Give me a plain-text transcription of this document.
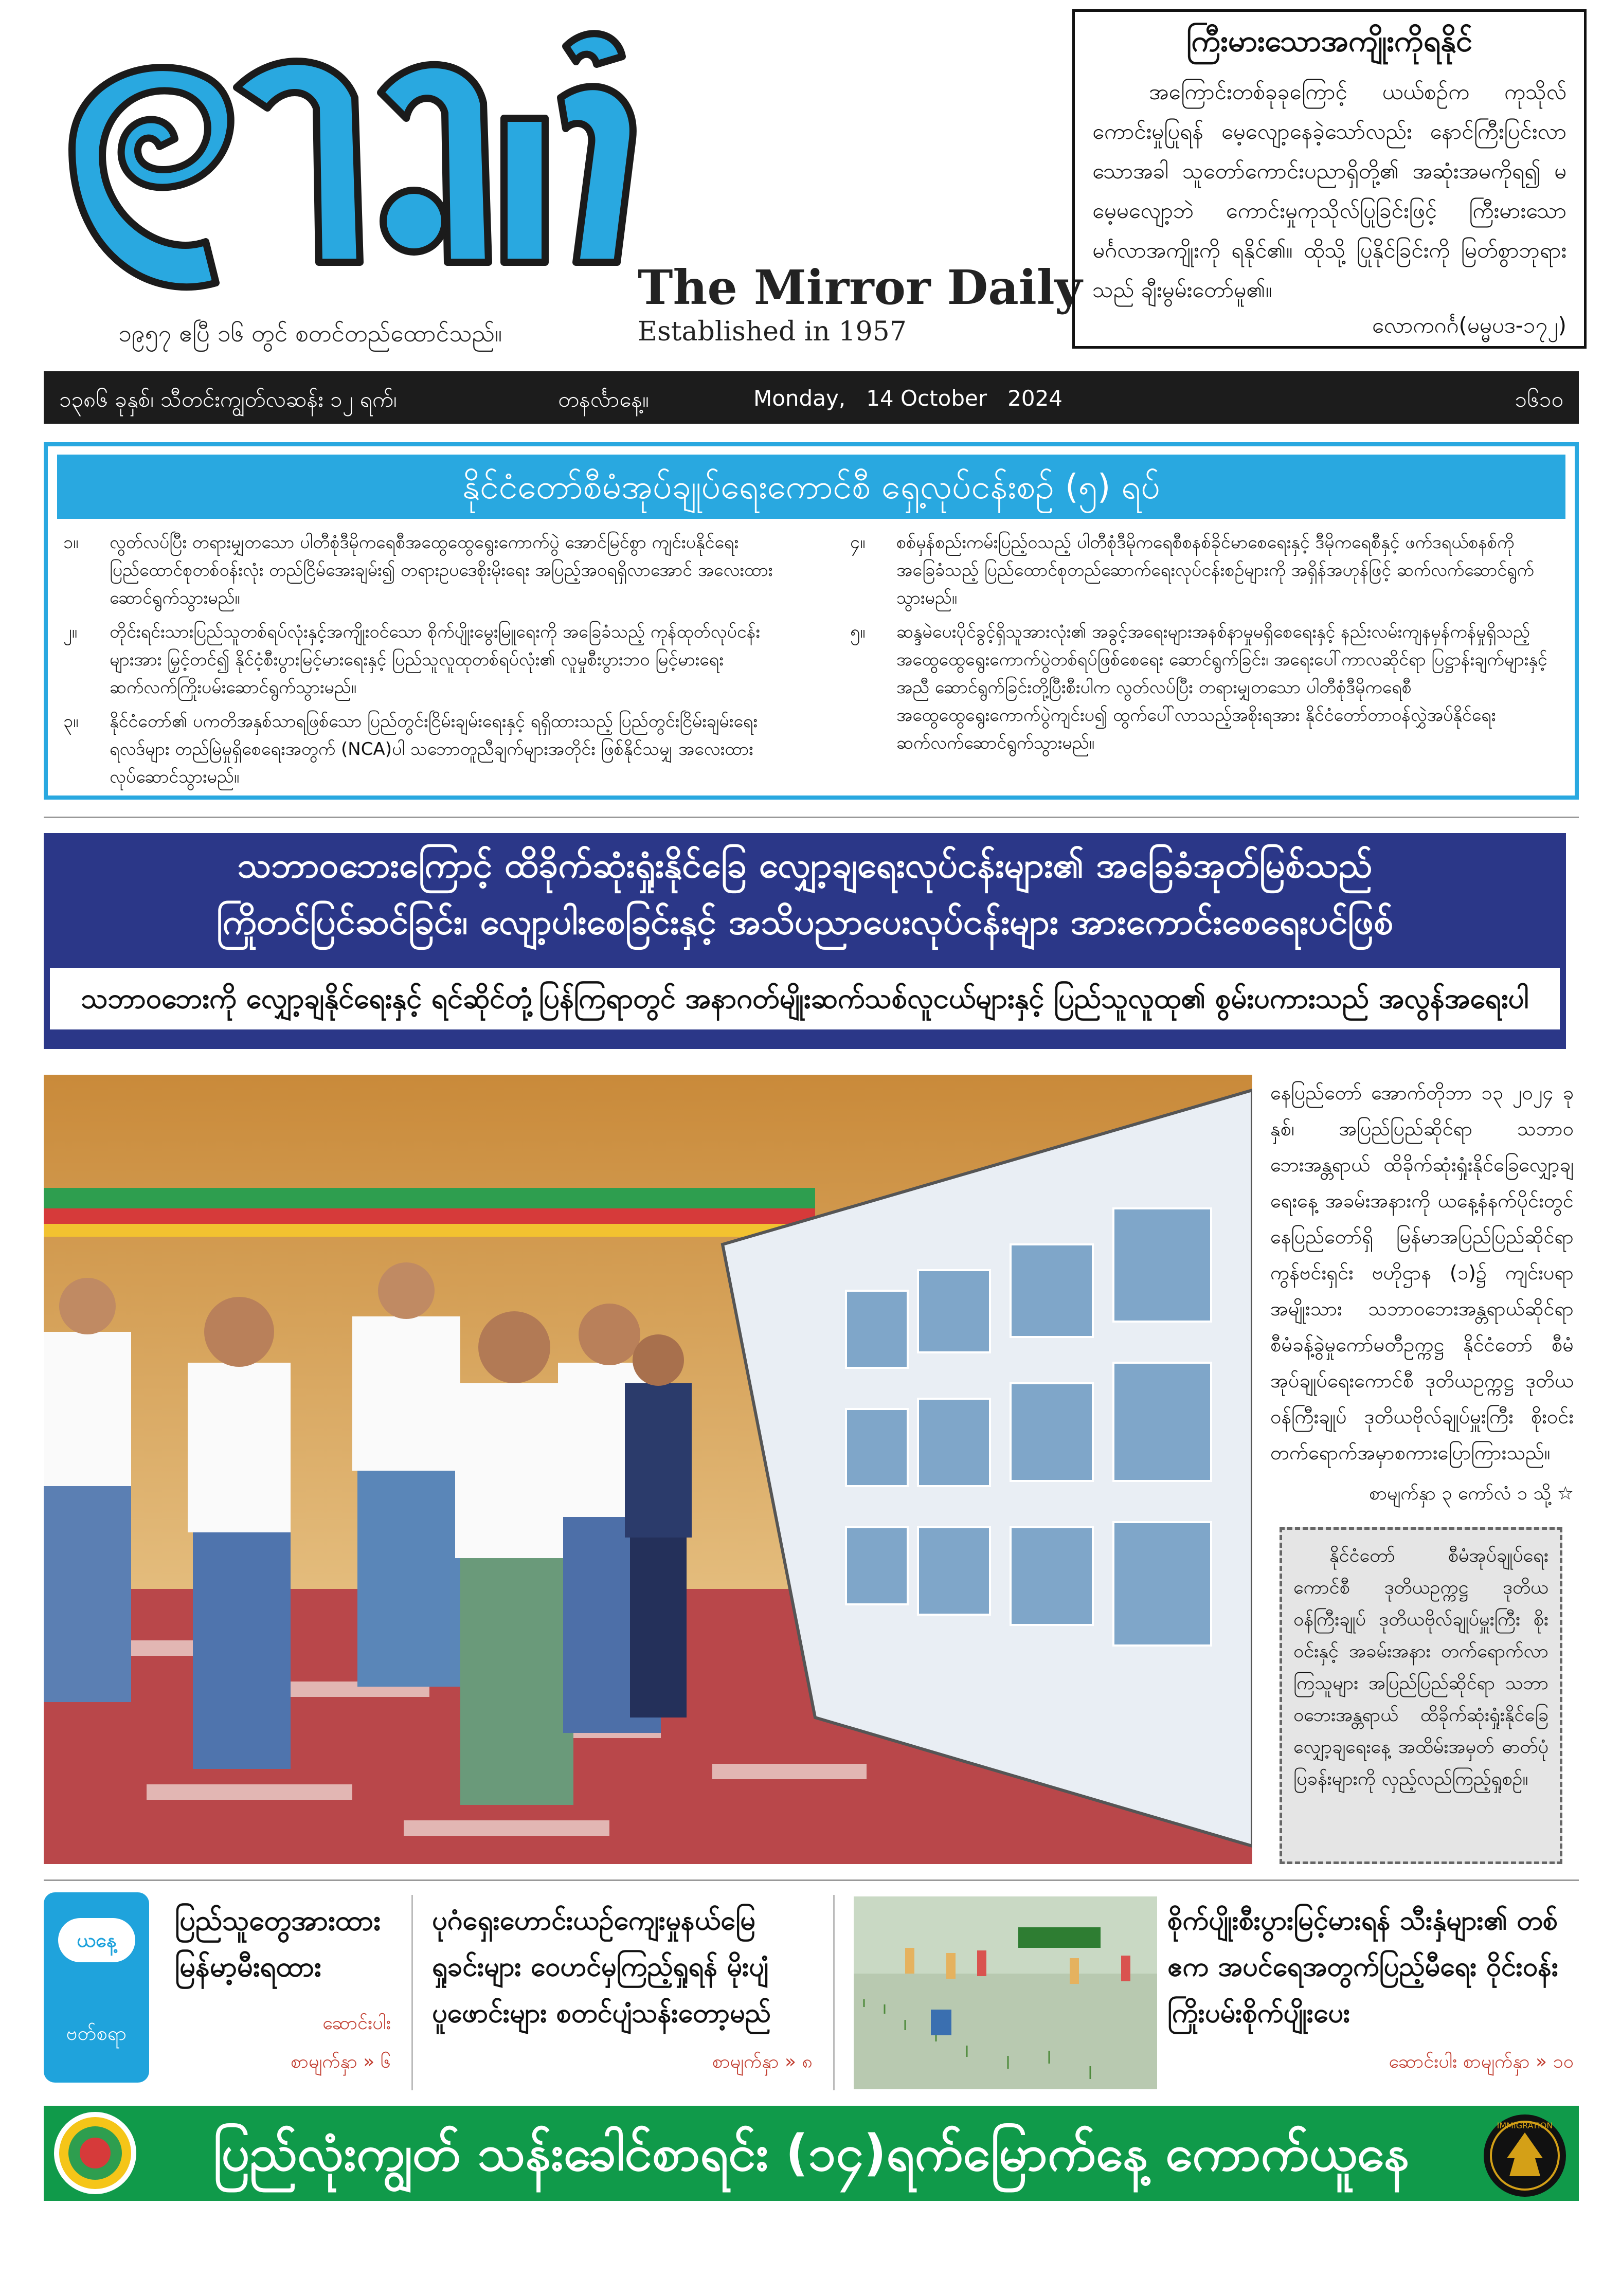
The Mirror Daily
Established in 1957
၁၉၅၇ ဧပြီ ၁၆ တွင် စတင်တည်ထောင်သည်။
ကြီးမားသောအကျိုးကိုရနိုင်
အကြောင်းတစ်ခုခုကြောင့် ယယ်စဉ်က ကုသိုလ်ကောင်းမှုပြုရန် မေ့လျော့နေခဲ့သော်လည်း နောင်ကြီးပြင်းလာသောအခါ သူတော်ကောင်းပညာရှိတို့၏ အဆုံးအမကိုရ၍ မမေ့မလျော့ဘဲ ကောင်းမှုကုသိုလ်ပြုခြင်းဖြင့် ကြီးမားသော မင်္ဂလာအကျိုးကို ရနိုင်၏။ ထိုသို့ ပြုနိုင်ခြင်းကို မြတ်စွာဘုရားသည် ချီးမွမ်းတော်မူ၏။
လောကဂင်္ဂ(မမ္မပဒ-၁၇၂)
၁၃၈၆ ခုနှစ်၊ သီတင်းကျွတ်လဆန်း ၁၂ ရက်၊	တနင်္လာနေ့။	Monday,   14 October   2024	၁၆၁၀
နိုင်ငံတော်စီမံအုပ်ချုပ်ရေးကောင်စီ ရှေ့လုပ်ငန်းစဉ် (၅) ရပ်
၁။ လွတ်လပ်ပြီး တရားမျှတသော ပါတီစုံဒီမိုကရေစီအထွေထွေရွေးကောက်ပွဲ အောင်မြင်စွာ ကျင်းပနိုင်ရေး ပြည်ထောင်စုတစ်ဝန်းလုံး တည်ငြိမ်အေးချမ်း၍ တရားဥပဒေစိုးမိုးရေး အပြည့်အဝရရှိလာအောင် အလေးထားဆောင်ရွက်သွားမည်။
၂။ တိုင်းရင်းသားပြည်သူတစ်ရပ်လုံးနှင့်အကျိုးဝင်သော စိုက်ပျိုးမွေးမြူရေးကို အခြေခံသည့် ကုန်ထုတ်လုပ်ငန်းများအား မြှင့်တင်၍ နိုင်ငံ့စီးပွားမြင့်မားရေးနှင့် ပြည်သူလူထုတစ်ရပ်လုံး၏ လူမှုစီးပွားဘဝ မြင့်မားရေး ဆက်လက်ကြိုးပမ်းဆောင်ရွက်သွားမည်။
၃။ နိုင်ငံတော်၏ ပကတိအနှစ်သာရဖြစ်သော ပြည်တွင်းငြိမ်းချမ်းရေးနှင့် ရရှိထားသည့် ပြည်တွင်းငြိမ်းချမ်းရေးရလဒ်များ တည်မြဲမှုရှိစေရေးအတွက် (NCA)ပါ သဘောတူညီချက်များအတိုင်း ဖြစ်နိုင်သမျှ အလေးထား လုပ်ဆောင်သွားမည်။
၄။ စစ်မှန်စည်းကမ်းပြည့်ဝသည့် ပါတီစုံဒီမိုကရေစီစနစ်ခိုင်မာစေရေးနှင့် ဒီမိုကရေစီနှင့် ဖက်ဒရယ်စနစ်ကို အခြေခံသည့် ပြည်ထောင်စုတည်ဆောက်ရေးလုပ်ငန်းစဉ်များကို အရှိန်အဟုန်ဖြင့် ဆက်လက်ဆောင်ရွက်သွားမည်။
၅။ ဆန္ဒမဲပေးပိုင်ခွင့်ရှိသူအားလုံး၏ အခွင့်အရေးများအနစ်နာမှုမရှိစေရေးနှင့် နည်းလမ်းကျနမှန်ကန်မှုရှိသည့် အထွေထွေရွေးကောက်ပွဲတစ်ရပ်ဖြစ်စေရေး ဆောင်ရွက်ခြင်း၊ အရေးပေါ်ကာလဆိုင်ရာ ပြဋ္ဌာန်းချက်များနှင့်အညီ ဆောင်ရွက်ခြင်းတို့ပြီးစီးပါက လွတ်လပ်ပြီး တရားမျှတသော ပါတီစုံဒီမိုကရေစီ အထွေထွေရွေးကောက်ပွဲကျင်းပ၍ ထွက်ပေါ်လာသည့်အစိုးရအား နိုင်ငံတော်တာဝန်လွှဲအပ်နိုင်ရေး ဆက်လက်ဆောင်ရွက်သွားမည်။
သဘာဝဘေးကြောင့် ထိခိုက်ဆုံးရှုံးနိုင်ခြေ လျှော့ချရေးလုပ်ငန်းများ၏ အခြေခံအုတ်မြစ်သည်
ကြိုတင်ပြင်ဆင်ခြင်း၊ လျော့ပါးစေခြင်းနှင့် အသိပညာပေးလုပ်ငန်းများ အားကောင်းစေရေးပင်ဖြစ်
သဘာဝဘေးကို လျှော့ချနိုင်ရေးနှင့် ရင်ဆိုင်တုံ့ပြန်ကြရာတွင် အနာဂတ်မျိုးဆက်သစ်လူငယ်များနှင့် ပြည်သူလူထု၏ စွမ်းပကားသည် အလွန်အရေးပါ
နေပြည်တော် အောက်တိုဘာ ၁၃ ၂၀၂၄ ခုနှစ်၊ အပြည်ပြည်ဆိုင်ရာ သဘာဝဘေးအန္တရာယ် ထိခိုက်ဆုံးရှုံးနိုင်ခြေလျှော့ချရေးနေ့ အခမ်းအနားကို ယနေ့နံနက်ပိုင်းတွင် နေပြည်တော်ရှိ မြန်မာအပြည်ပြည်ဆိုင်ရာ ကွန်ဗင်းရှင်း ဗဟိုဌာန (၁)၌ ကျင်းပရာ အမျိုးသား သဘာဝဘေးအန္တရာယ်ဆိုင်ရာ စီမံခန့်ခွဲမှုကော်မတီဥက္ကဋ္ဌ နိုင်ငံတော် စီမံအုပ်ချုပ်ရေးကောင်စီ ဒုတိယဥက္ကဋ္ဌ ဒုတိယ ဝန်ကြီးချုပ် ဒုတိယဗိုလ်ချုပ်မှူးကြီး စိုးဝင်း တက်ရောက်အမှာစကားပြောကြားသည်။
စာမျက်နှာ ၃ ကော်လံ ၁ သို့ ☆
နိုင်ငံတော် စီမံအုပ်ချုပ်ရေးကောင်စီ ဒုတိယဥက္ကဋ္ဌ ဒုတိယဝန်ကြီးချုပ် ဒုတိယဗိုလ်ချုပ်မှူးကြီး စိုးဝင်းနှင့် အခမ်းအနား တက်ရောက်လာကြသူများ အပြည်ပြည်ဆိုင်ရာ သဘာဝဘေးအန္တရာယ် ထိခိုက်ဆုံးရှုံးနိုင်ခြေ လျှော့ချရေးနေ့ အထိမ်းအမှတ် ဓာတ်ပုံပြခန်းများကို လှည့်လည်ကြည့်ရှုစဉ်။
ယနေ့
ဗတ်စရာ
ပြည်သူတွေအားထား မြန်မာ့မီးရထား
ဆောင်းပါး
စာမျက်နှာ » ၆
ပုဂံရှေးဟောင်းယဉ်ကျေးမှုနယ်မြေ ရှုခင်းများ ဝေဟင်မှကြည့်ရှုရန် မိုးပျံပူဖောင်းများ စတင်ပျံသန်းတော့မည်
စာမျက်နှာ » ၈
စိုက်ပျိုးစီးပွားမြင့်မားရန် သီးနှံများ၏ တစ်ဧက အပင်ရေအတွက်ပြည့်မီရေး ဝိုင်းဝန်းကြိုးပမ်းစိုက်ပျိုးပေး
ဆောင်းပါး စာမျက်နှာ » ၁၀
ပြည်လုံးကျွတ် သန်းခေါင်စာရင်း (၁၄)ရက်မြောက်နေ့ ကောက်ယူနေပါသည်။
IMMIGRATION
